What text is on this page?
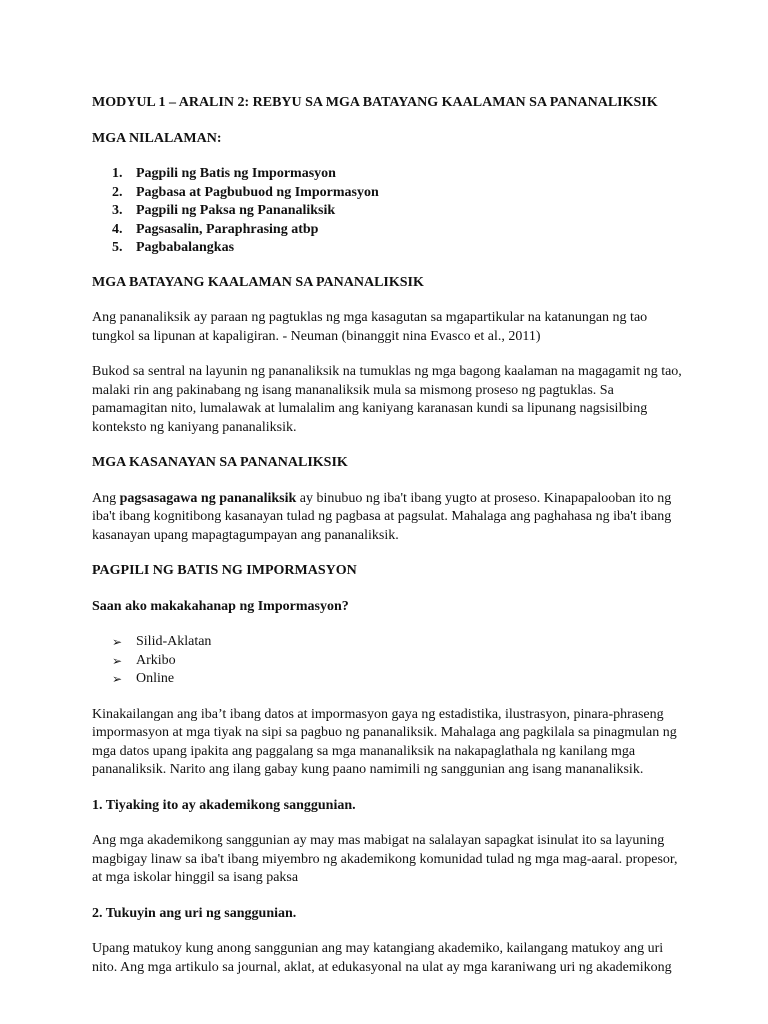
MODYUL 1 – ARALIN 2: REBYU SA MGA BATAYANG KAALAMAN SA PANANALIKSIK

MGA NILALAMAN:

1. Pagpili ng Batis ng Impormasyon
2. Pagbasa at Pagbubuod ng Impormasyon
3. Pagpili ng Paksa ng Pananaliksik
4. Pagsasalin, Paraphrasing atbp
5. Pagbabalangkas

MGA BATAYANG KAALAMAN SA PANANALIKSIK

Ang pananaliksik ay paraan ng pagtuklas ng mga kasagutan sa mgapartikular na katanungan ng tao tungkol sa lipunan at kapaligiran. - Neuman (binanggit nina Evasco et al., 2011)

Bukod sa sentral na layunin ng pananaliksik na tumuklas ng mga bagong kaalaman na magagamit ng tao, malaki rin ang pakinabang ng isang mananaliksik mula sa mismong proseso ng pagtuklas. Sa pamamagitan nito, lumalawak at lumalalim ang kaniyang karanasan kundi sa lipunang nagsisilbing konteksto ng kaniyang pananaliksik.

MGA KASANAYAN SA PANANALIKSIK

Ang pagsasagawa ng pananaliksik ay binubuo ng iba't ibang yugto at proseso. Kinapapalooban ito ng iba't ibang kognitibong kasanayan tulad ng pagbasa at pagsulat. Mahalaga ang paghahasa ng iba't ibang kasanayan upang mapagtagumpayan ang pananaliksik.

PAGPILI NG BATIS NG IMPORMASYON

Saan ako makakahanap ng Impormasyon?

➢ Silid-Aklatan
➢ Arkibo
➢ Online

Kinakailangan ang iba’t ibang datos at impormasyon gaya ng estadistika, ilustrasyon, pinara-phraseng impormasyon at mga tiyak na sipi sa pagbuo ng pananaliksik. Mahalaga ang pagkilala sa pinagmulan ng mga datos upang ipakita ang paggalang sa mga mananaliksik na nakapaglathala ng kanilang mga pananaliksik. Narito ang ilang gabay kung paano namimili ng sanggunian ang isang mananaliksik.

1. Tiyaking ito ay akademikong sanggunian.

Ang mga akademikong sanggunian ay may mas mabigat na salalayan sapagkat isinulat ito sa layuning magbigay linaw sa iba't ibang miyembro ng akademikong komunidad tulad ng mga mag-aaral. propesor, at mga iskolar hinggil sa isang paksa

2. Tukuyin ang uri ng sanggunian.

Upang matukoy kung anong sanggunian ang may katangiang akademiko, kailangang matukoy ang uri nito. Ang mga artikulo sa journal, aklat, at edukasyonal na ulat ay mga karaniwang uri ng akademikong
